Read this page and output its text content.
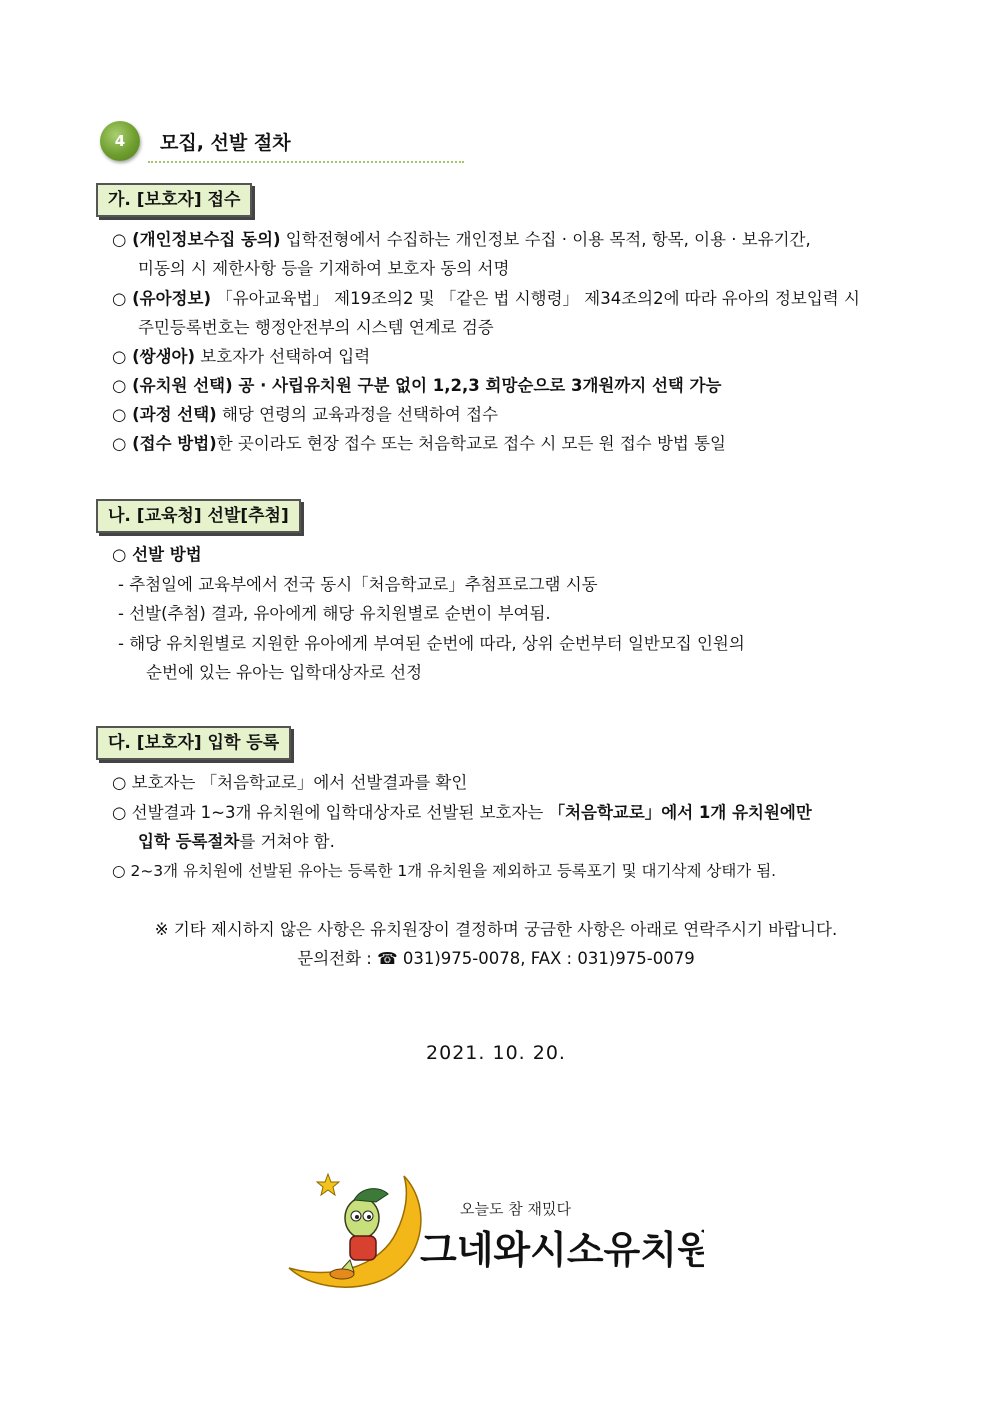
4	모집, 선발 절차
가. [보호자] 접수
○ (개인정보수집 동의) 입학전형에서 수집하는 개인정보 수집 · 이용 목적, 항목, 이용 · 보유기간,
미동의 시 제한사항 등을 기재하여 보호자 동의 서명
○ (유아정보) 「유아교육법」 제19조의2 및 「같은 법 시행령」 제34조의2에 따라 유아의 정보입력 시
주민등록번호는 행정안전부의 시스템 연계로 검증
○ (쌍생아) 보호자가 선택하여 입력
○ (유치원 선택) 공 · 사립유치원 구분 없이 1,2,3 희망순으로 3개원까지 선택 가능
○ (과정 선택) 해당 연령의 교육과정을 선택하여 접수
○ (접수 방법)한 곳이라도 현장 접수 또는 처음학교로 접수 시 모든 원 접수 방법 통일
나. [교육청] 선발[추첨]
○ 선발 방법
- 추첨일에 교육부에서 전국 동시「처음학교로」추첨프로그램 시동
- 선발(추첨) 결과, 유아에게 해당 유치원별로 순번이 부여됨.
- 해당 유치원별로 지원한 유아에게 부여된 순번에 따라, 상위 순번부터 일반모집 인원의
순번에 있는 유아는 입학대상자로 선정
다. [보호자] 입학 등록
○ 보호자는 「처음학교로」에서 선발결과를 확인
○ 선발결과 1~3개 유치원에 입학대상자로 선발된 보호자는 「처음학교로」에서 1개 유치원에만
입학 등록절차를 거쳐야 함.
○ 2~3개 유치원에 선발된 유아는 등록한 1개 유치원을 제외하고 등록포기 및 대기삭제 상태가 됨.
※ 기타 제시하지 않은 사항은 유치원장이 결정하며 궁금한 사항은 아래로 연락주시기 바랍니다.
문의전화 : ☎ 031)975-0078, FAX : 031)975-0079
2021. 10. 20.
오늘도 참 재밌다
그네와시소유치원
